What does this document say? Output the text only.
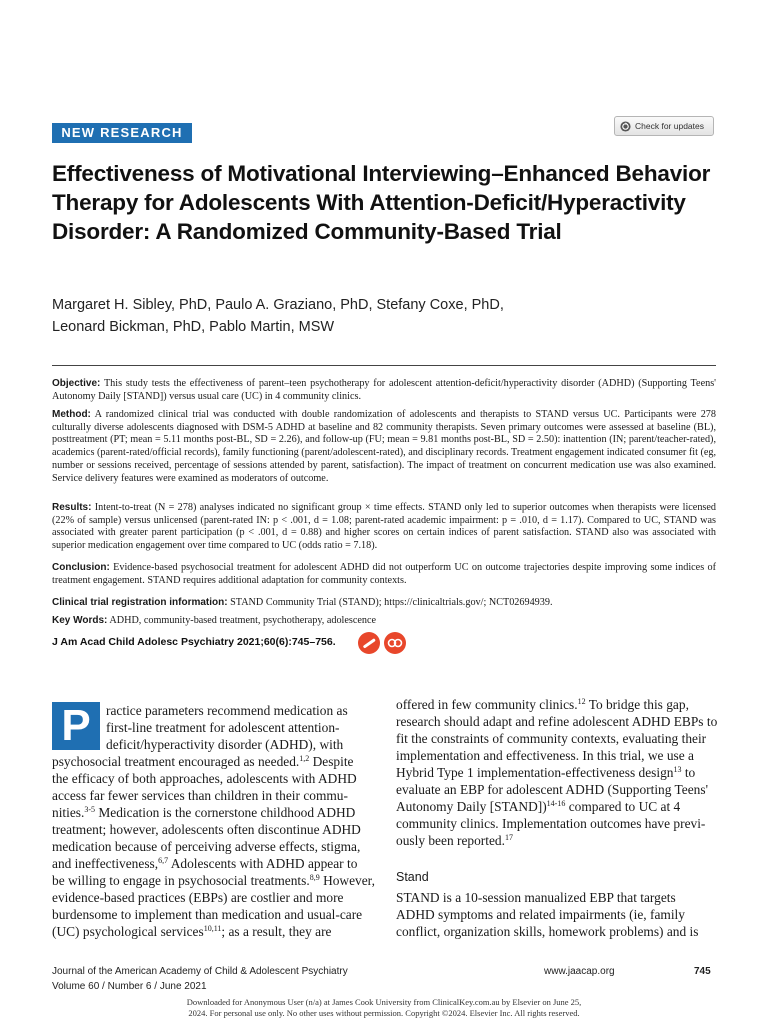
NEW RESEARCH	Check for updates
Effectiveness of Motivational Interviewing–Enhanced Behavior Therapy for Adolescents With Attention-Deficit/Hyperactivity Disorder: A Randomized Community-Based Trial
Margaret H. Sibley, PhD, Paulo A. Graziano, PhD, Stefany Coxe, PhD,
Leonard Bickman, PhD, Pablo Martin, MSW
Objective: This study tests the effectiveness of parent–teen psychotherapy for adolescent attention-deficit/hyperactivity disorder (ADHD) (Supporting Teens' Autonomy Daily [STAND]) versus usual care (UC) in 4 community clinics.
Method: A randomized clinical trial was conducted with double randomization of adolescents and therapists to STAND versus UC. Participants were 278 culturally diverse adolescents diagnosed with DSM-5 ADHD at baseline and 82 community therapists. Seven primary outcomes were assessed at baseline (BL), posttreatment (PT; mean = 5.11 months post-BL, SD = 2.26), and follow-up (FU; mean = 9.81 months post-BL, SD = 2.50): inattention (IN; parent/teacher-rated), academics (parent-rated/official records), family functioning (parent/adolescent-rated), and disciplinary records. Treatment engagement indicated consumer fit (eg, number or sessions received, percentage of sessions attended by parent, satisfaction). The impact of treatment on concurrent medication use was also examined. Service delivery features were examined as moderators of outcome.
Results: Intent-to-treat (N = 278) analyses indicated no significant group × time effects. STAND only led to superior outcomes when therapists were licensed (22% of sample) versus unlicensed (parent-rated IN: p < .001, d = 1.08; parent-rated academic impairment: p = .010, d = 1.17). Compared to UC, STAND was associated with greater parent participation (p < .001, d = 0.88) and higher scores on certain indices of parent satisfaction. STAND also was associated with superior medication engagement over time compared to UC (odds ratio = 7.18).
Conclusion: Evidence-based psychosocial treatment for adolescent ADHD did not outperform UC on outcome trajectories despite improving some indices of treatment engagement. STAND requires additional adaptation for community contexts.
Clinical trial registration information: STAND Community Trial (STAND); https://clinicaltrials.gov/; NCT02694939.
Key Words: ADHD, community-based treatment, psychotherapy, adolescence
J Am Acad Child Adolesc Psychiatry 2021;60(6):745–756.
P	ractice parameters recommend medication as
first-line treatment for adolescent attention-
deficit/hyperactivity disorder (ADHD), with
psychosocial treatment encouraged as needed.$^{1,2}$ Despite
the efficacy of both approaches, adolescents with ADHD
access far fewer services than children in their commu-
nities.$^{3-5}$ Medication is the cornerstone childhood ADHD
treatment; however, adolescents often discontinue ADHD
medication because of perceiving adverse effects, stigma,
and ineffectiveness,$^{6,7}$ Adolescents with ADHD appear to
be willing to engage in psychosocial treatments.$^{8,9}$ However,
evidence-based practices (EBPs) are costlier and more
burdensome to implement than medication and usual-care
(UC) psychological services$^{10,11}$; as a result, they are
offered in few community clinics.$^{12}$ To bridge this gap,
research should adapt and refine adolescent ADHD EBPs to
fit the constraints of community contexts, evaluating their
implementation and effectiveness. In this trial, we use a
Hybrid Type 1 implementation-effectiveness design$^{13}$ to
evaluate an EBP for adolescent ADHD (Supporting Teens'
Autonomy Daily [STAND])$^{14-16}$ compared to UC at 4
community clinics. Implementation outcomes have previ-
ously been reported.$^{17}$
Stand
STAND is a 10-session manualized EBP that targets
ADHD symptoms and related impairments (ie, family
conflict, organization skills, homework problems) and is
Journal of the American Academy of Child & Adolescent Psychiatry
Volume 60 / Number 6 / June 2021
www.jaacap.org	745
Downloaded for Anonymous User (n/a) at James Cook University from ClinicalKey.com.au by Elsevier on June 25,
2024. For personal use only. No other uses without permission. Copyright ©2024. Elsevier Inc. All rights reserved.
